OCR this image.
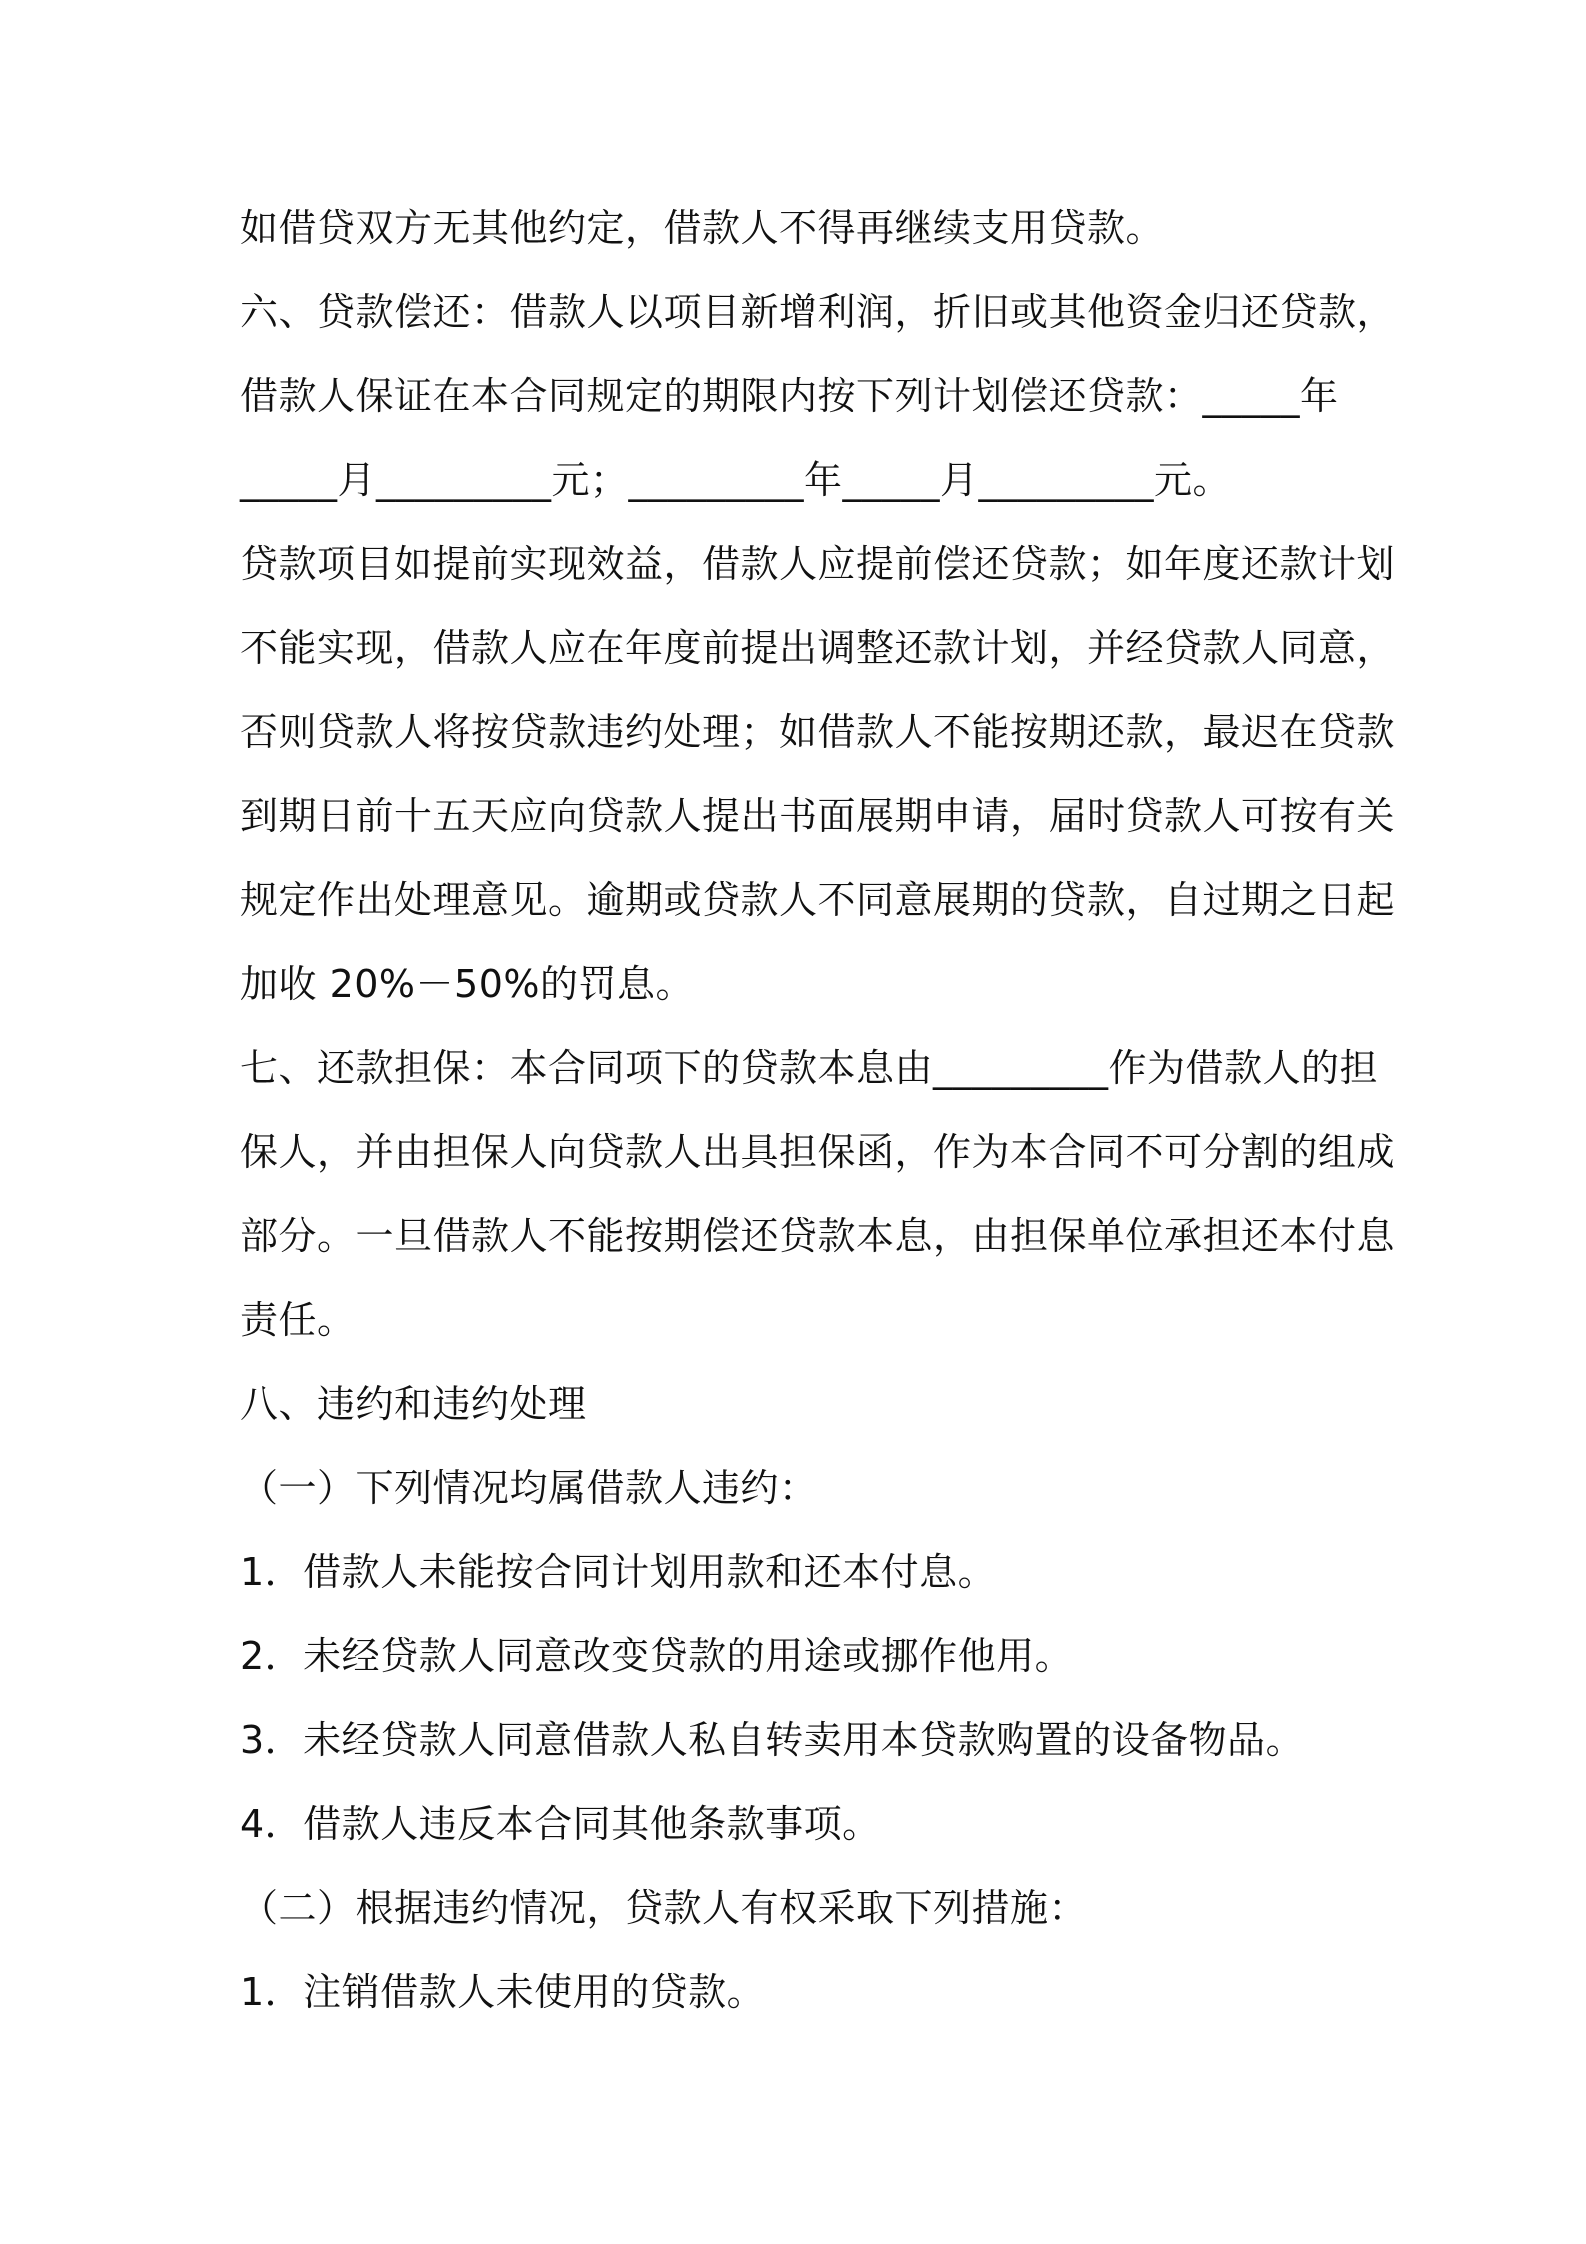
如借贷双方无其他约定，借款人不得再继续支用贷款。
六、贷款偿还：借款人以项目新增利润，折旧或其他资金归还贷款，
借款人保证在本合同规定的期限内按下列计划偿还贷款：_____年
_____月_________元；_________年_____月_________元。
贷款项目如提前实现效益，借款人应提前偿还贷款；如年度还款计划
不能实现，借款人应在年度前提出调整还款计划，并经贷款人同意，
否则贷款人将按贷款违约处理；如借款人不能按期还款，最迟在贷款
到期日前十五天应向贷款人提出书面展期申请，届时贷款人可按有关
规定作出处理意见。逾期或贷款人不同意展期的贷款，自过期之日起
加收 20%－50%的罚息。
七、还款担保：本合同项下的贷款本息由_________作为借款人的担
保人，并由担保人向贷款人出具担保函，作为本合同不可分割的组成
部分。一旦借款人不能按期偿还贷款本息，由担保单位承担还本付息
责任。
八、违约和违约处理
（一）下列情况均属借款人违约：
1．借款人未能按合同计划用款和还本付息。
2．未经贷款人同意改变贷款的用途或挪作他用。
3．未经贷款人同意借款人私自转卖用本贷款购置的设备物品。
4．借款人违反本合同其他条款事项。
（二）根据违约情况，贷款人有权采取下列措施：
1．注销借款人未使用的贷款。
